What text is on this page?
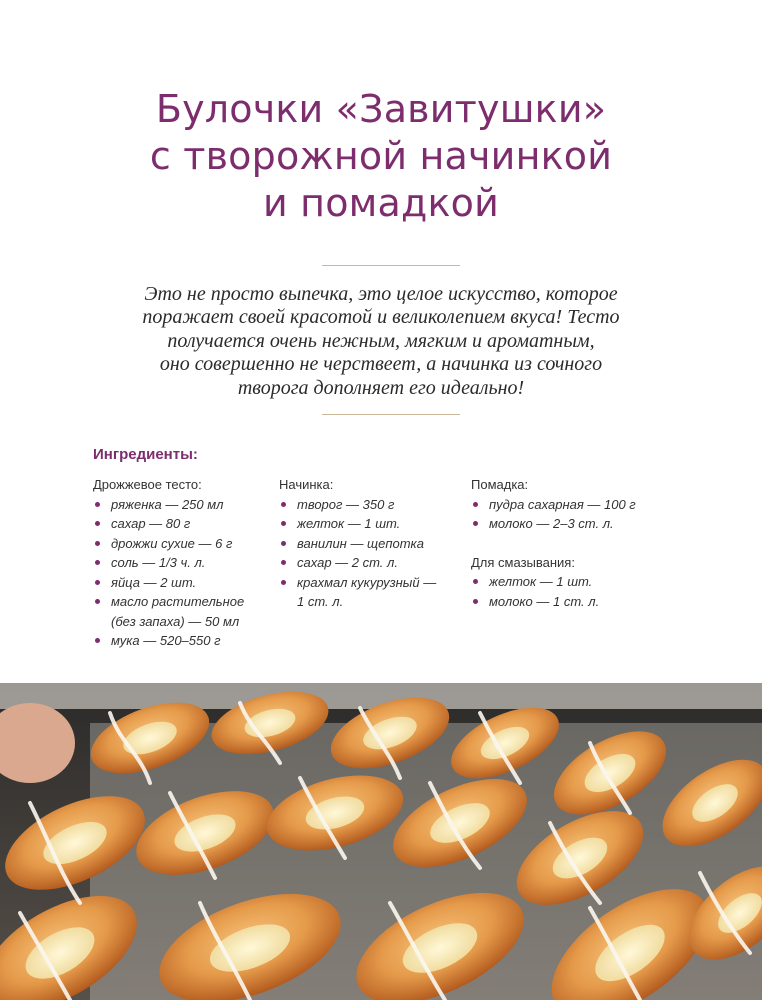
Булочки «Завитушки»
с творожной начинкой
и помадкой
Это не просто выпечка, это целое искусство, которое
поражает своей красотой и великолепием вкуса! Тесто
получается очень нежным, мягким и ароматным,
оно совершенно не черствеет, а начинка из сочного
творога дополняет его идеально!
Ингредиенты:
Дрожжевое тесто:
ряженка — 250 мл
сахар — 80 г
дрожжи сухие — 6 г
соль — 1/3 ч. л.
яйца — 2 шт.
масло растительное
(без запаха) — 50 мл
мука — 520–550 г
Начинка:
творог — 350 г
желток — 1 шт.
ванилин — щепотка
сахар — 2 ст. л.
крахмал кукурузный —
1 ст. л.
Помадка:
пудра сахарная — 100 г
молоко — 2–3 ст. л.
Для смазывания:
желток — 1 шт.
молоко — 1 ст. л.
